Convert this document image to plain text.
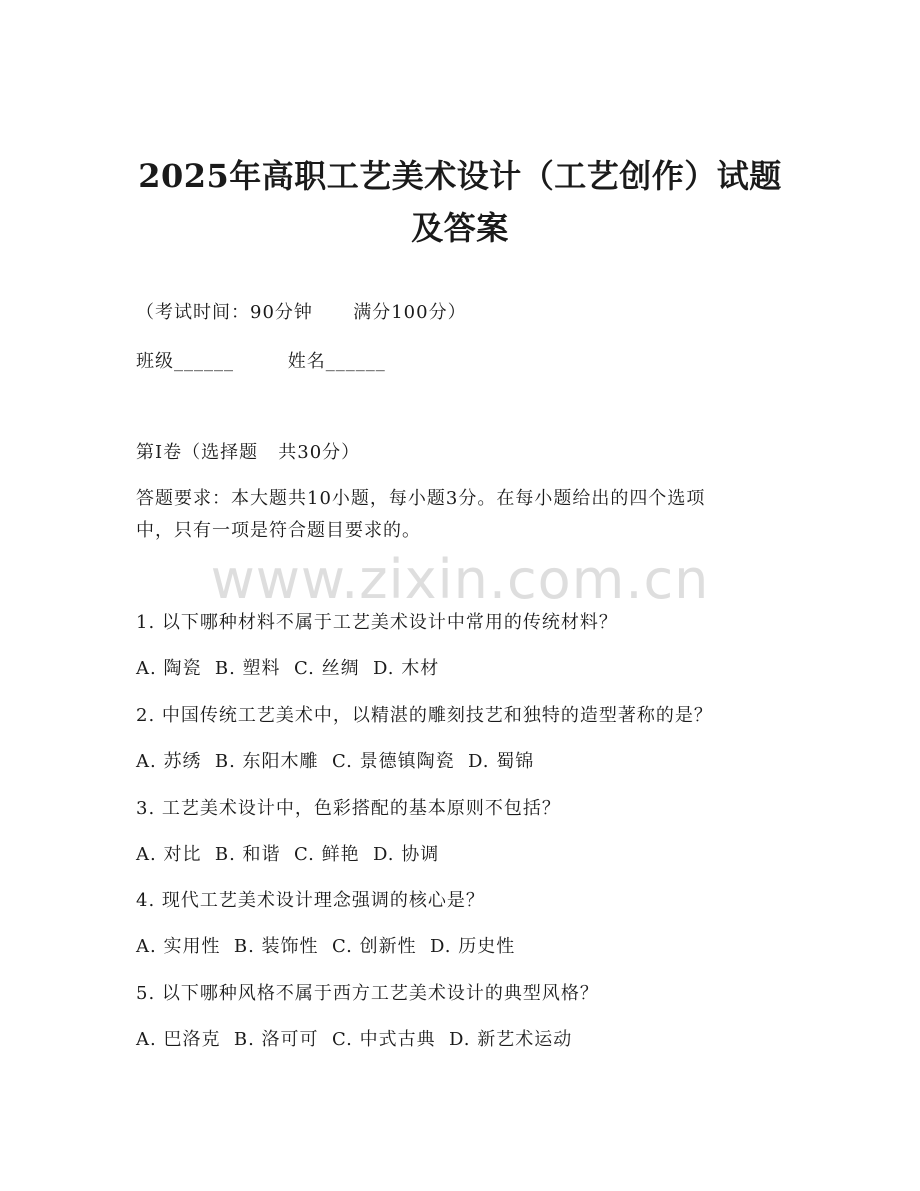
2025年高职工艺美术设计（工艺创作）试题
及答案
（考试时间：90分钟      满分100分）
班级______        姓名______
第I卷（选择题   共30分）
答题要求：本大题共10小题，每小题3分。在每小题给出的四个选项
中，只有一项是符合题目要求的。
www.zixin.com.cn
1. 以下哪种材料不属于工艺美术设计中常用的传统材料？
A. 陶瓷  B. 塑料  C. 丝绸  D. 木材
2. 中国传统工艺美术中，以精湛的雕刻技艺和独特的造型著称的是？
A. 苏绣  B. 东阳木雕  C. 景德镇陶瓷  D. 蜀锦
3. 工艺美术设计中，色彩搭配的基本原则不包括？
A. 对比  B. 和谐  C. 鲜艳  D. 协调
4. 现代工艺美术设计理念强调的核心是？
A. 实用性  B. 装饰性  C. 创新性  D. 历史性
5. 以下哪种风格不属于西方工艺美术设计的典型风格？
A. 巴洛克  B. 洛可可  C. 中式古典  D. 新艺术运动
